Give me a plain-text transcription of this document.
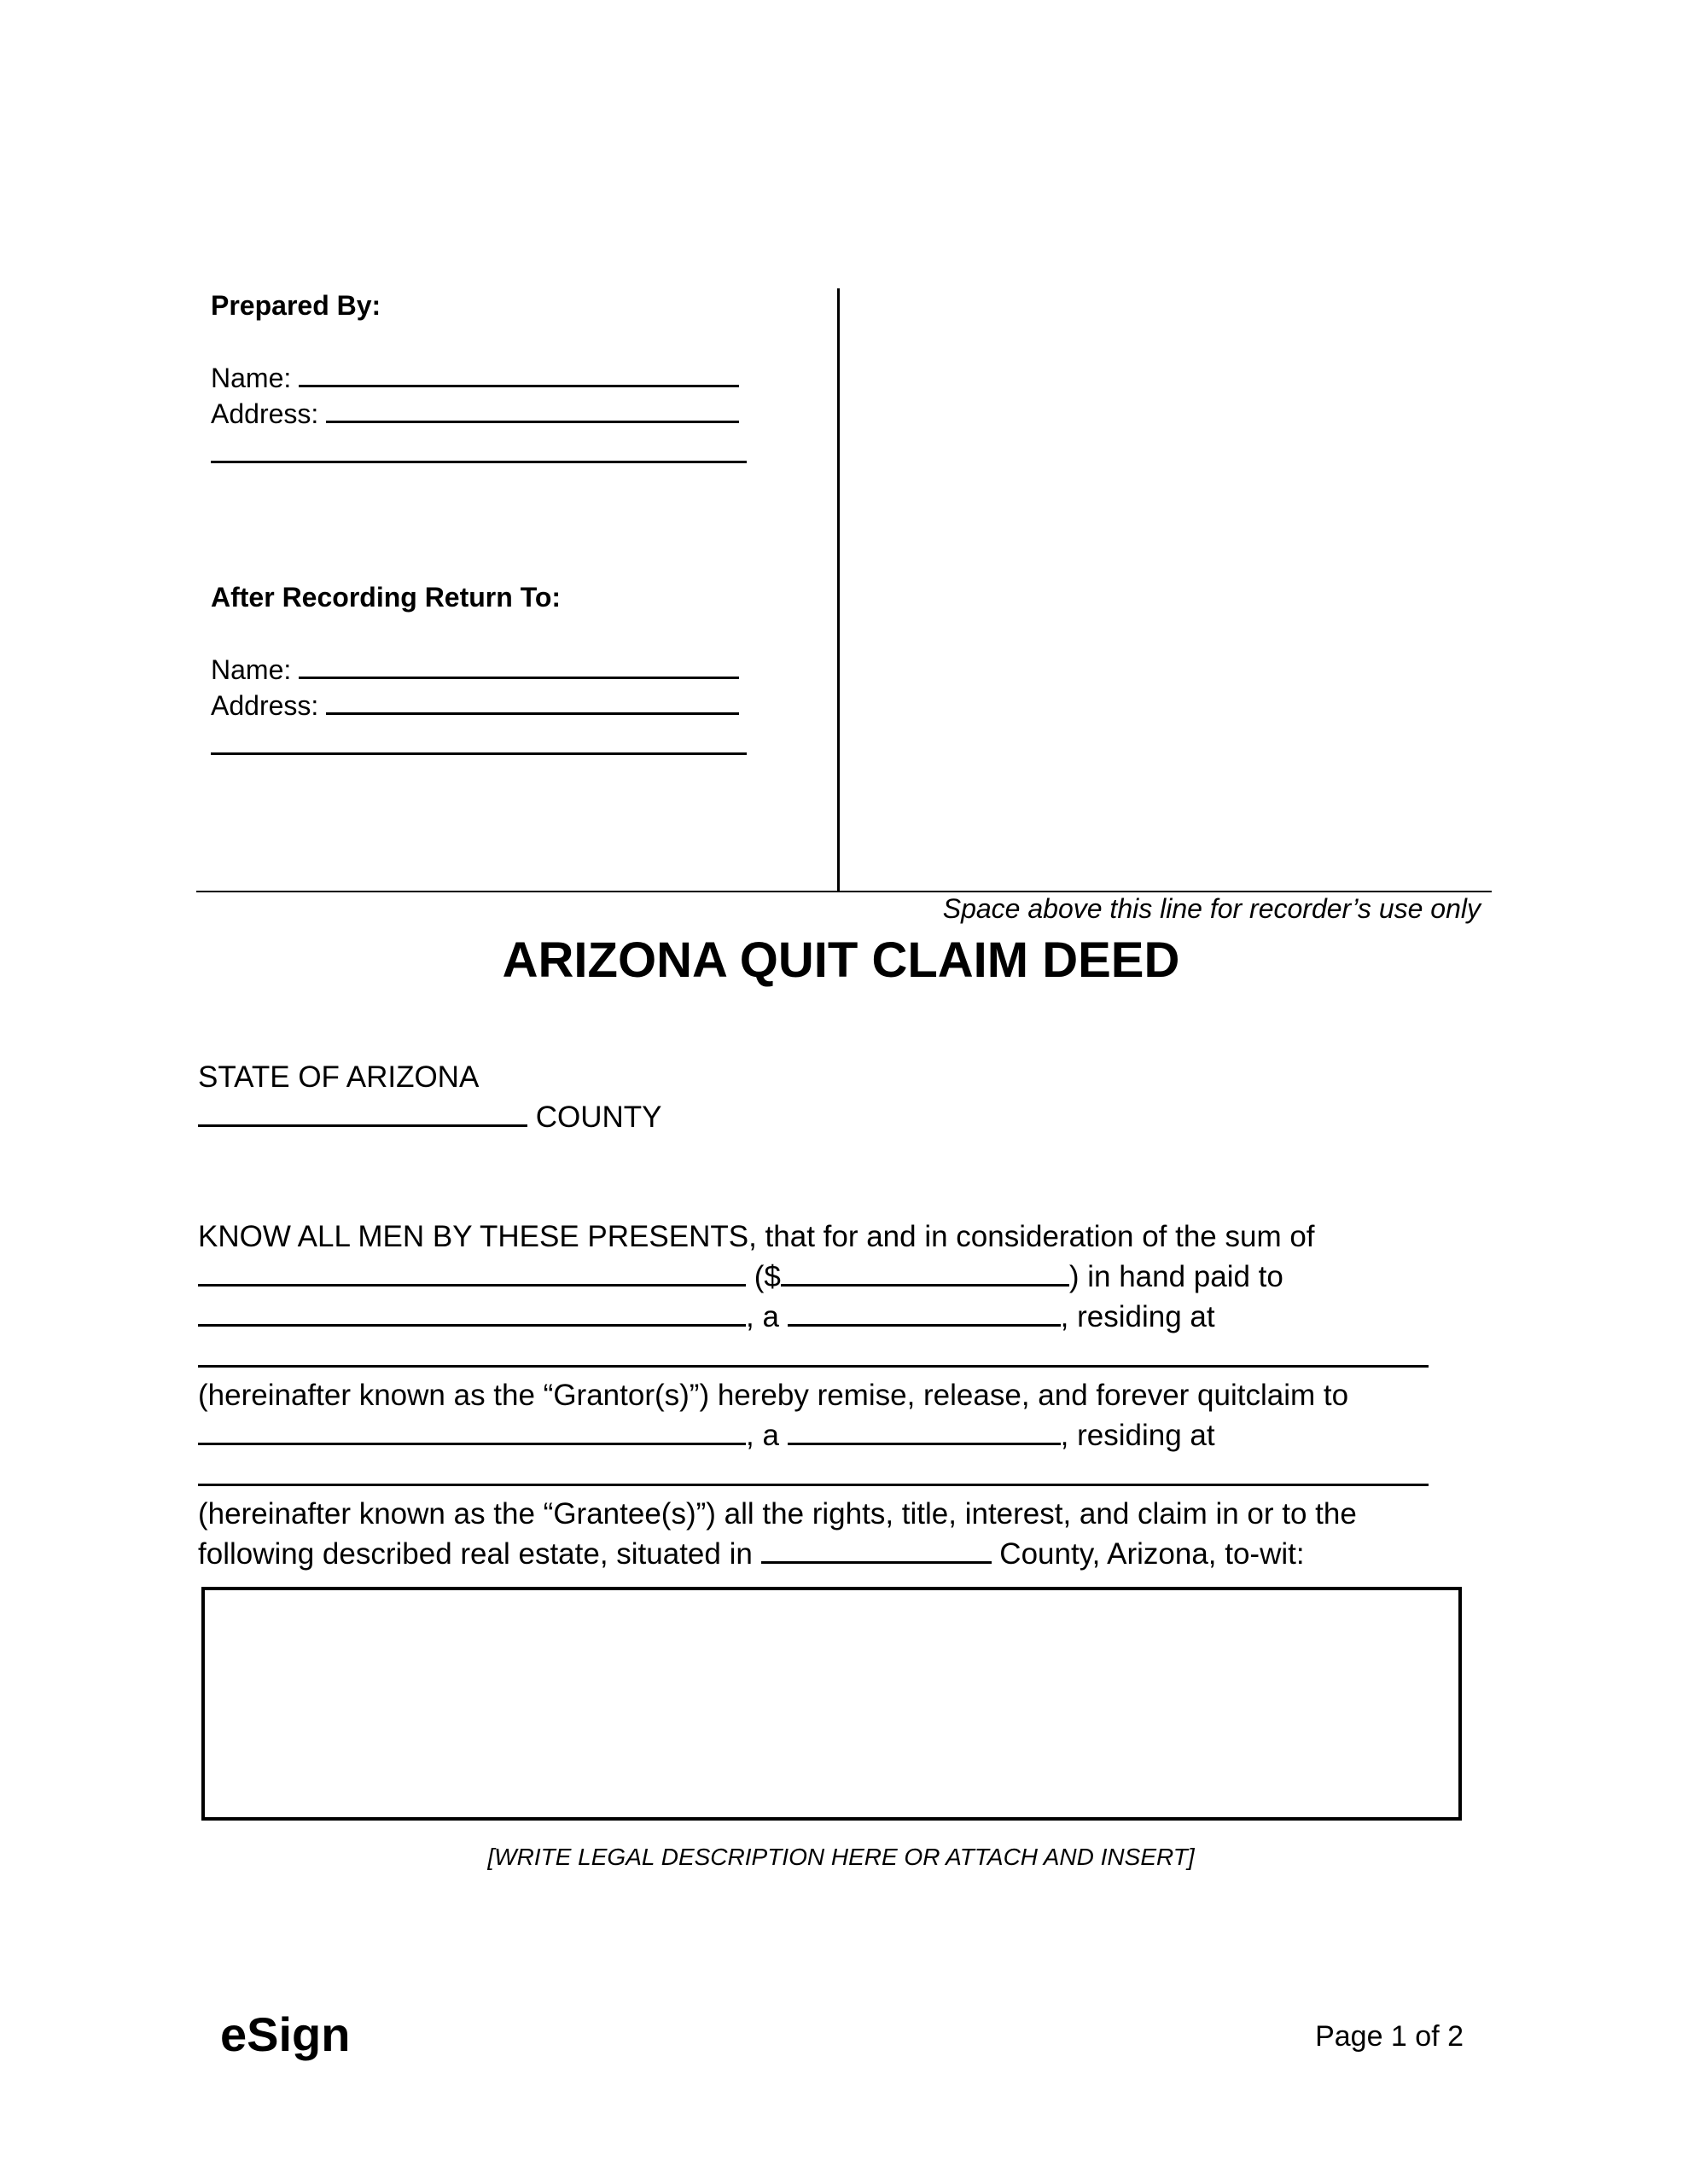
Prepared By:
Name:
Address:
After Recording Return To:
Name:
Address:
Space above this line for recorder’s use only
ARIZONA QUIT CLAIM DEED
STATE OF ARIZONA
COUNTY
KNOW ALL MEN BY THESE PRESENTS, that for and in consideration of the sum of
($	) in hand paid to
, a	, residing at
(hereinafter known as the “Grantor(s)”) hereby remise, release, and forever quitclaim to
, a	, residing at
(hereinafter known as the “Grantee(s)”) all the rights, title, interest, and claim in or to the
following described real estate, situated in	County, Arizona, to-wit:
[WRITE LEGAL DESCRIPTION HERE OR ATTACH AND INSERT]
eSign	Page 1 of 2
